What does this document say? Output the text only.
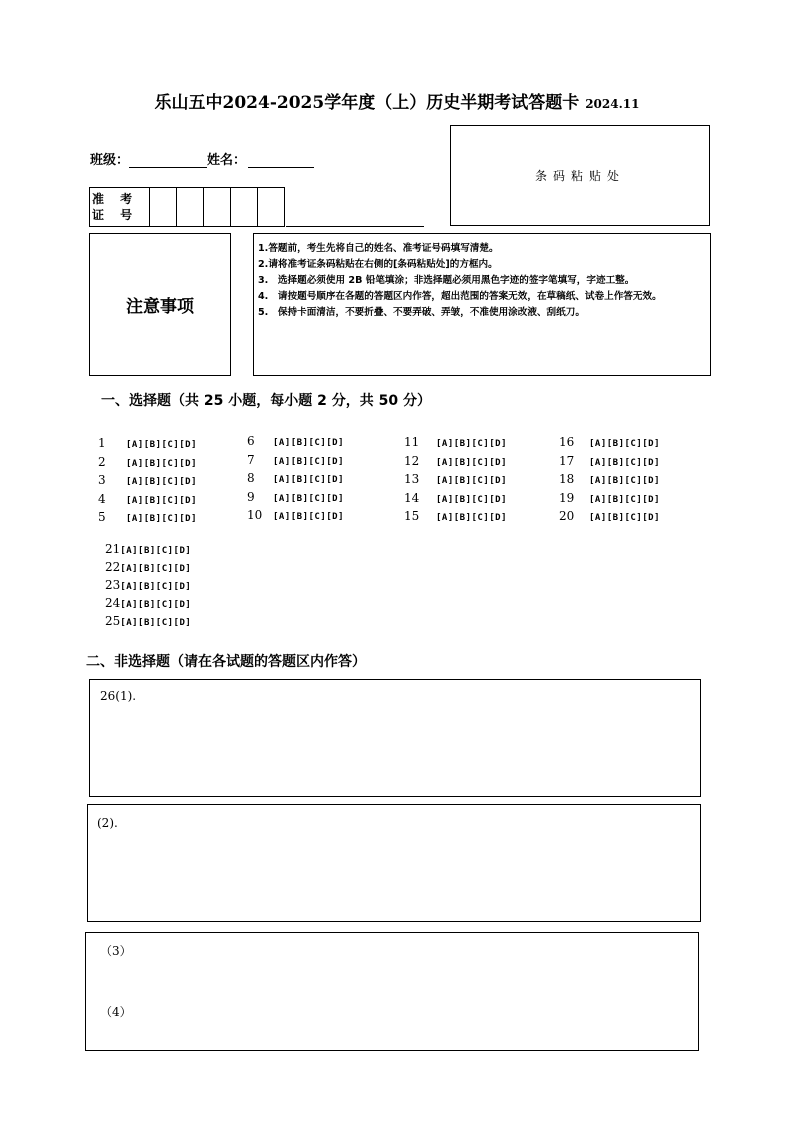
乐山五中2024-2025学年度（上）历史半期考试答题卡 2024.11
班级：	姓名：
条码粘贴处
准 考
证 号
注意事项

1.答题前，考生先将自己的姓名、准考证号码填写清楚。

2.请将准考证条码粘贴在右侧的[条码粘贴处]的方框内。

3.　选择题必须使用 2B 铅笔填涂；非选择题必须用黑色字迹的签字笔填写，字迹工整。

4.　请按题号顺序在各题的答题区内作答，超出范围的答案无效，在草稿纸、试卷上作答无效。

5.　保持卡面清洁，不要折叠、不要弄破、弄皱，不准使用涂改液、刮纸刀。

一、选择题（共 25 小题，每小题 2 分，共 50 分）
1 [A][B][C][D]
2 [A][B][C][D]
3 [A][B][C][D]
4 [A][B][C][D]
5 [A][B][C][D]
6 [A][B][C][D]
7 [A][B][C][D]
8 [A][B][C][D]
9 [A][B][C][D]
10 [A][B][C][D]
11 [A][B][C][D]
12 [A][B][C][D]
13 [A][B][C][D]
14 [A][B][C][D]
15 [A][B][C][D]
16 [A][B][C][D]
17 [A][B][C][D]
18 [A][B][C][D]
19 [A][B][C][D]
20 [A][B][C][D]
21[A][B][C][D]
22[A][B][C][D]
23[A][B][C][D]
24[A][B][C][D]
25[A][B][C][D]
二、非选择题（请在各试题的答题区内作答）
26(1).
(2).
（3）
（4）
